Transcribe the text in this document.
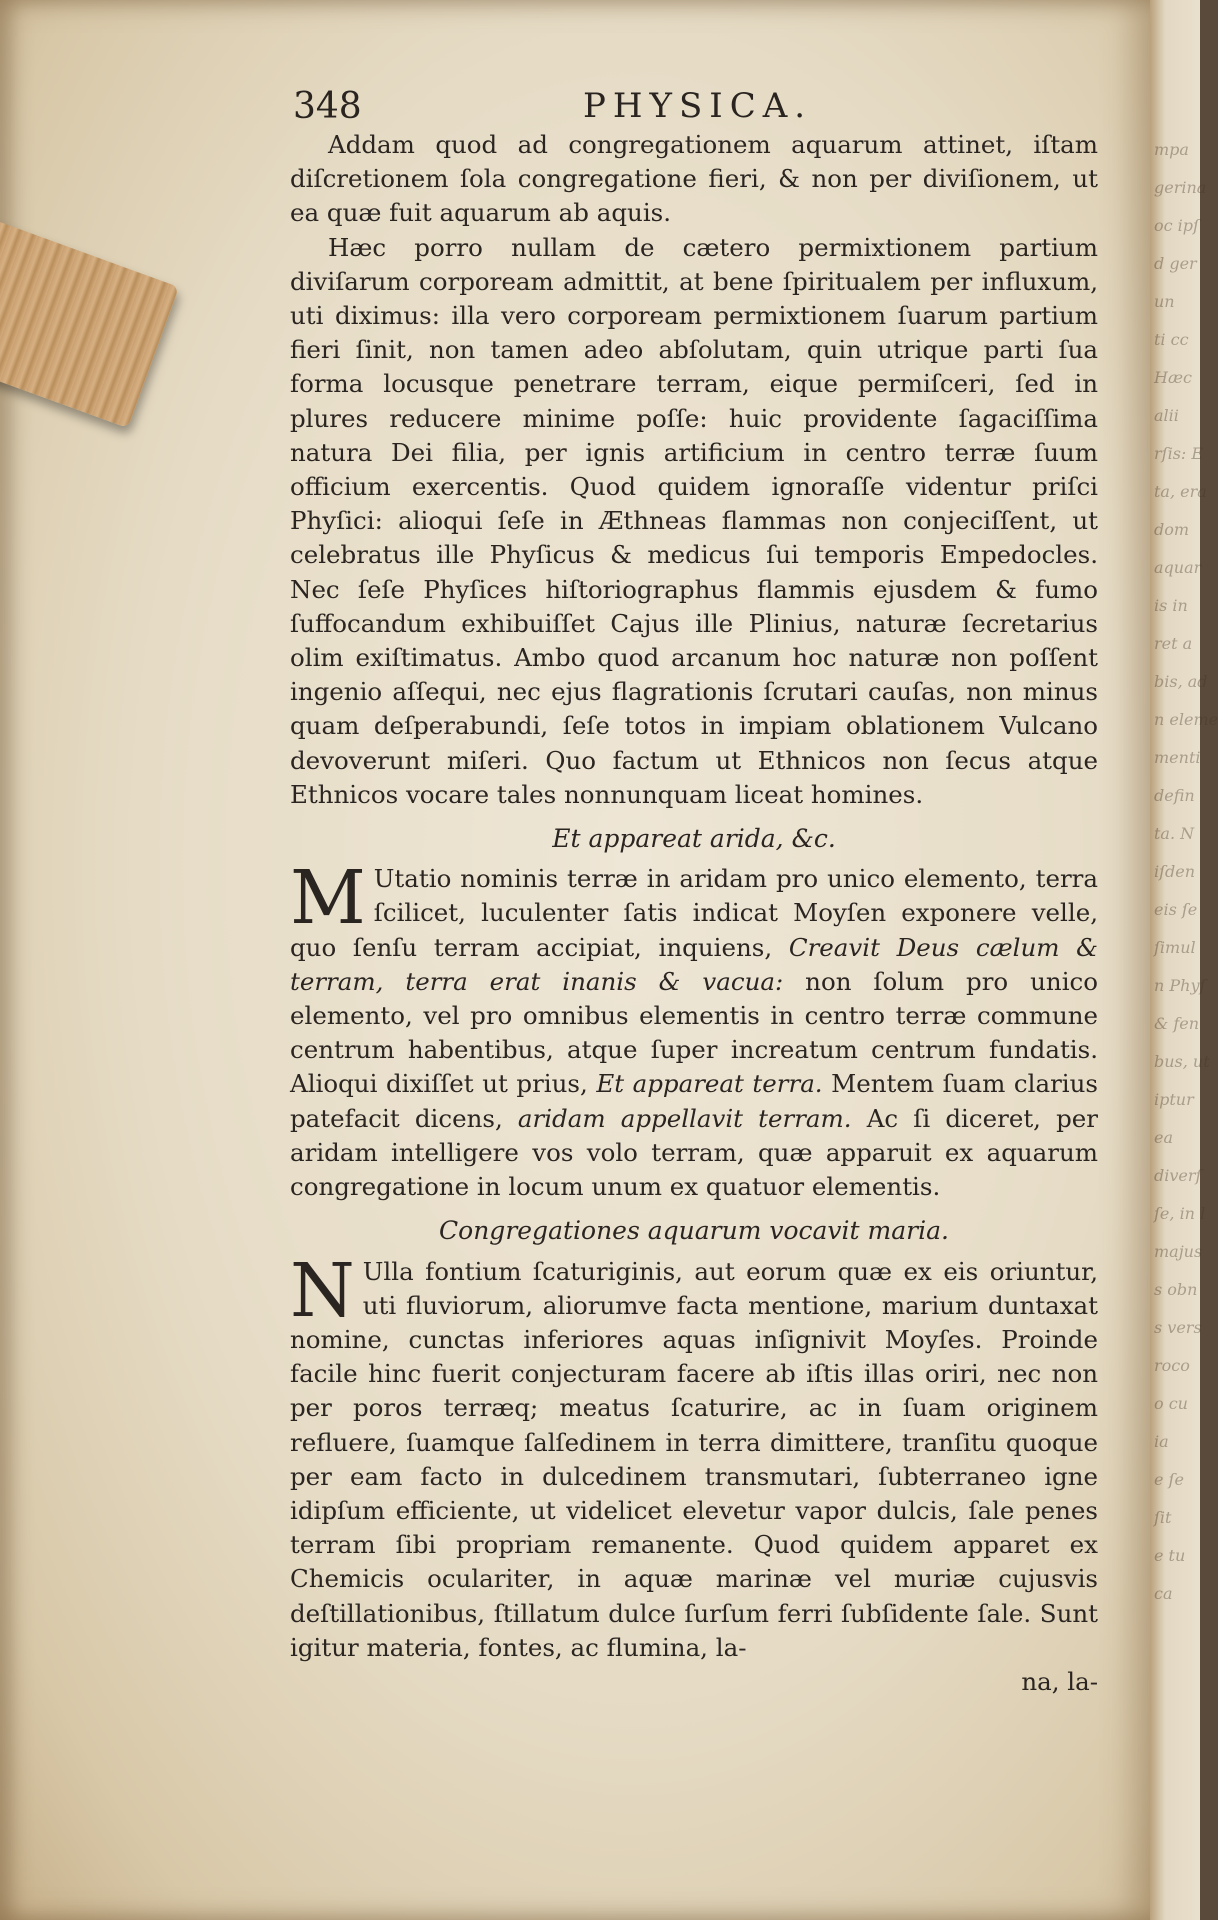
348	PHYSICA.

Addam quod ad congregationem aquarum attinet, iſtam diſcretionem ſola congregatione fieri, & non per diviſionem, ut ea quæ fuit aquarum ab aquis.

Hæc porro nullam de cætero permixtionem partium diviſarum corpoream admittit, at bene ſpiritualem per influxum, uti diximus: illa vero corpoream permixtionem ſuarum partium fieri ſinit, non tamen adeo abſolutam, quin utrique parti ſua forma locusque penetrare terram, eique permiſceri, ſed in plures reducere minime poſſe: huic providente ſagaciſſima natura Dei filia, per ignis artificium in centro terræ ſuum officium exercentis. Quod quidem ignoraſſe videntur priſci Phyſici: alioqui ſeſe in Æthneas flammas non conjeciſſent, ut celebratus ille Phyſicus & medicus ſui temporis Empedocles. Nec ſeſe Phyſices hiſtoriographus flammis ejusdem & fumo ſuffocandum exhibuiſſet Cajus ille Plinius, naturæ ſecretarius olim exiſtimatus. Ambo quod arcanum hoc naturæ non poſſent ingenio aſſequi, nec ejus flagrationis ſcrutari cauſas, non minus quam deſperabundi, ſeſe totos in impiam oblationem Vulcano devoverunt miſeri. Quo factum ut Ethnicos non ſecus atque Ethnicos vocare tales nonnunquam liceat homines.

Et appareat arida, &c.

M Utatio nominis terræ in aridam pro unico elemento, terra ſcilicet, luculenter ſatis indicat Moyſen exponere velle, quo ſenſu terram accipiat, inquiens, Creavit Deus cælum & terram, terra erat inanis & vacua: non ſolum pro unico elemento, vel pro omnibus elementis in centro terræ commune centrum habentibus, atque ſuper increatum centrum fundatis. Alioqui dixiſſet ut prius, Et appareat terra. Mentem ſuam clarius patefacit dicens, aridam appellavit terram. Ac ſi diceret, per aridam intelligere vos volo terram, quæ apparuit ex aquarum congregatione in locum unum ex quatuor elementis.

Congregationes aquarum vocavit maria.

N Ulla fontium ſcaturiginis, aut eorum quæ ex eis oriuntur, uti fluviorum, aliorumve facta mentione, marium duntaxat nomine, cunctas inferiores aquas inſignivit Moyſes. Proinde facile hinc fuerit conjecturam facere ab iſtis illas oriri, nec non per poros terræq; meatus ſcaturire, ac in ſuam originem refluere, ſuamque ſalſedinem in terra dimittere, tranſitu quoque per eam facto in dulcedinem transmutari, ſubterraneo igne idipſum efficiente, ut videlicet elevetur vapor dulcis, ſale penes terram ſibi propriam remanente. Quod quidem apparet ex Chemicis oculariter, in aquæ marinæ vel muriæ cujusvis deſtillationibus, ſtillatum dulce ſurſum ferri ſubſidente ſale. Sunt igitur materia, fontes, ac flumina, la-

na, la-

mpa
gerina
oc ipſ
d ger
un
ti cc
Hæc
alii
rſis: E
ta, era
dom
aquar
is in
ret a
bis, ad
n eleme
menti
defin
ta. N
iſden
eis ſe
ſimul
n Phyſ
& fen
bus, ut
iptur
ea
diverſ
ſe, in l
majus
s obn
s vers
roco
o cu
ia
e ſe
ſit
e tu
ca
